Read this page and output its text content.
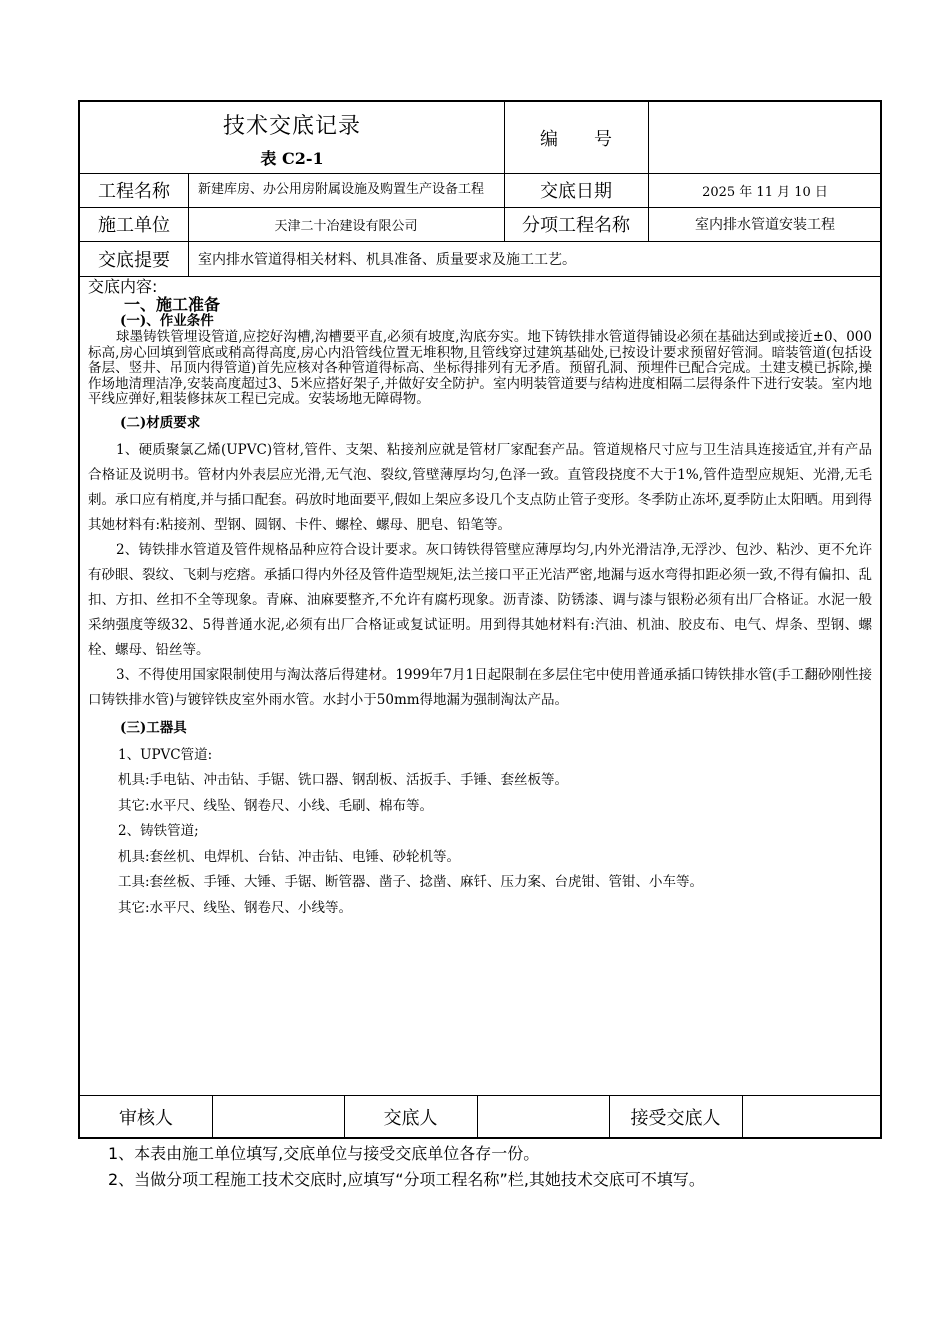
技术交底记录
表 C2-1
编　　号
工程名称	新建库房、办公用房附属设施及购置生产设备工程	交底日期	2025 年 11 月 10 日
施工单位	天津二十冶建设有限公司	分项工程名称	室内排水管道安装工程
交底提要	室内排水管道得相关材料、机具准备、质量要求及施工工艺。
交底内容:
一、施工准备
(一)、作业条件

球墨铸铁管埋设管道,应挖好沟槽,沟槽要平直,必须有坡度,沟底夯实。地下铸铁排水管道得铺设必须在基础达到或接近±0、000标高,房心回填到管底或稍高得高度,房心内沿管线位置无堆积物,且管线穿过建筑基础处,已按设计要求预留好管洞。暗装管道(包括设备层、竖井、吊顶内得管道)首先应核对各种管道得标高、坐标得排列有无矛盾。预留孔洞、预埋件已配合完成。土建支模已拆除,操作场地清理洁净,安装高度超过3、5米应搭好架子,并做好安全防护。室内明装管道要与结构进度相隔二层得条件下进行安装。室内地平线应弹好,粗装修抹灰工程已完成。安装场地无障碍物。

(二)材质要求

1、硬质聚氯乙烯(UPVC)管材,管件、支架、粘接剂应就是管材厂家配套产品。管道规格尺寸应与卫生洁具连接适宜,并有产品合格证及说明书。管材内外表层应光滑,无气泡、裂纹,管壁薄厚均匀,色泽一致。直管段挠度不大于1%,管件造型应规矩、光滑,无毛刺。承口应有梢度,并与插口配套。码放时地面要平,假如上架应多设几个支点防止管子变形。冬季防止冻坏,夏季防止太阳晒。用到得其她材料有:粘接剂、型钢、圆钢、卡件、螺栓、螺母、肥皂、铅笔等。

2、铸铁排水管道及管件规格品种应符合设计要求。灰口铸铁得管壁应薄厚均匀,内外光滑洁净,无浮沙、包沙、粘沙、更不允许有砂眼、裂纹、飞刺与疙瘩。承插口得内外径及管件造型规矩,法兰接口平正光洁严密,地漏与返水弯得扣距必须一致,不得有偏扣、乱扣、方扣、丝扣不全等现象。青麻、油麻要整齐,不允许有腐朽现象。沥青漆、防锈漆、调与漆与银粉必须有出厂合格证。水泥一般采纳强度等级32、5得普通水泥,必须有出厂合格证或复试证明。用到得其她材料有:汽油、机油、胶皮布、电气、焊条、型钢、螺栓、螺母、铅丝等。

3、不得使用国家限制使用与淘汰落后得建材。1999年7月1日起限制在多层住宅中使用普通承插口铸铁排水管(手工翻砂刚性接口铸铁排水管)与镀锌铁皮室外雨水管。水封小于50mm得地漏为强制淘汰产品。

(三)工器具

1、UPVC管道:

机具:手电钻、冲击钻、手锯、铣口器、钢刮板、活扳手、手锤、套丝板等。

其它:水平尺、线坠、钢卷尺、小线、毛刷、棉布等。

2、铸铁管道;

机具:套丝机、电焊机、台钻、冲击钻、电锤、砂轮机等。

工具:套丝板、手锤、大锤、手锯、断管器、凿子、捻凿、麻钎、压力案、台虎钳、管钳、小车等。

其它:水平尺、线坠、钢卷尺、小线等。

审核人	交底人	接受交底人
1、本表由施工单位填写,交底单位与接受交底单位各存一份。
2、当做分项工程施工技术交底时,应填写“分项工程名称”栏,其她技术交底可不填写。
